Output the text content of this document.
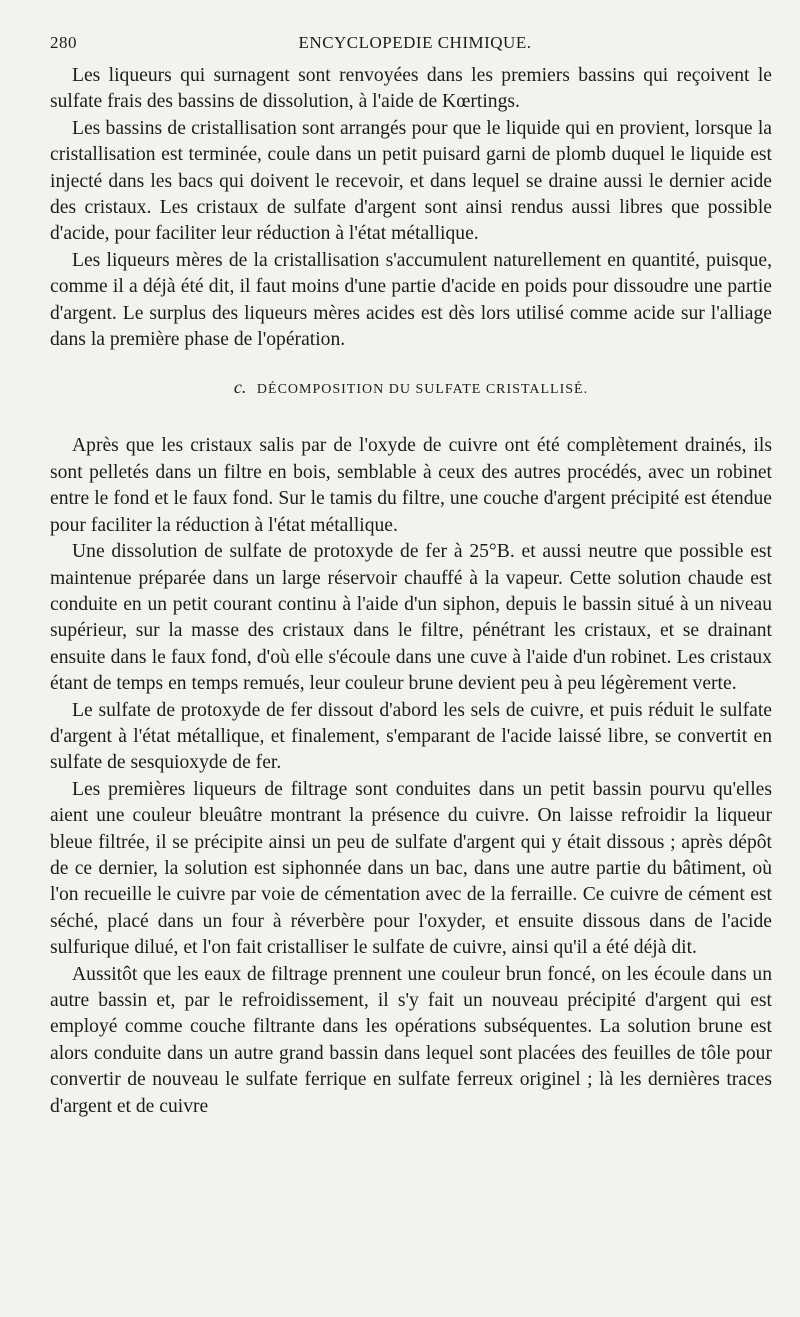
280	ENCYCLOPEDIE CHIMIQUE.

Les liqueurs qui surnagent sont renvoyées dans les premiers bassins qui reçoivent le sulfate frais des bassins de dissolution, à l'aide de Kœrtings.

Les bassins de cristallisation sont arrangés pour que le liquide qui en provient, lorsque la cristallisation est terminée, coule dans un petit puisard garni de plomb duquel le liquide est injecté dans les bacs qui doivent le recevoir, et dans lequel se draine aussi le dernier acide des cristaux. Les cristaux de sulfate d'argent sont ainsi rendus aussi libres que possible d'acide, pour faciliter leur réduction à l'état métallique.

Les liqueurs mères de la cristallisation s'accumulent naturellement en quantité, puisque, comme il a déjà été dit, il faut moins d'une partie d'acide en poids pour dissoudre une partie d'argent. Le surplus des liqueurs mères acides est dès lors utilisé comme acide sur l'alliage dans la première phase de l'opération.

c. DÉCOMPOSITION DU SULFATE CRISTALLISÉ.

Après que les cristaux salis par de l'oxyde de cuivre ont été complètement drainés, ils sont pelletés dans un filtre en bois, semblable à ceux des autres procédés, avec un robinet entre le fond et le faux fond. Sur le tamis du filtre, une couche d'argent précipité est étendue pour faciliter la réduction à l'état métallique.

Une dissolution de sulfate de protoxyde de fer à 25°B. et aussi neutre que possible est maintenue préparée dans un large réservoir chauffé à la vapeur. Cette solution chaude est conduite en un petit courant continu à l'aide d'un siphon, depuis le bassin situé à un niveau supérieur, sur la masse des cristaux dans le filtre, pénétrant les cristaux, et se drainant ensuite dans le faux fond, d'où elle s'écoule dans une cuve à l'aide d'un robinet. Les cristaux étant de temps en temps remués, leur couleur brune devient peu à peu légèrement verte.

Le sulfate de protoxyde de fer dissout d'abord les sels de cuivre, et puis réduit le sulfate d'argent à l'état métallique, et finalement, s'emparant de l'acide laissé libre, se convertit en sulfate de sesquioxyde de fer.

Les premières liqueurs de filtrage sont conduites dans un petit bassin pourvu qu'elles aient une couleur bleuâtre montrant la présence du cuivre. On laisse refroidir la liqueur bleue filtrée, il se précipite ainsi un peu de sulfate d'argent qui y était dissous ; après dépôt de ce dernier, la solution est siphonnée dans un bac, dans une autre partie du bâtiment, où l'on recueille le cuivre par voie de cémentation avec de la ferraille. Ce cuivre de cément est séché, placé dans un four à réverbère pour l'oxyder, et ensuite dissous dans de l'acide sulfurique dilué, et l'on fait cristalliser le sulfate de cuivre, ainsi qu'il a été déjà dit.

Aussitôt que les eaux de filtrage prennent une couleur brun foncé, on les écoule dans un autre bassin et, par le refroidissement, il s'y fait un nouveau précipité d'argent qui est employé comme couche filtrante dans les opérations subséquentes. La solution brune est alors conduite dans un autre grand bassin dans lequel sont placées des feuilles de tôle pour convertir de nouveau le sulfate ferrique en sulfate ferreux originel ; là les dernières traces d'argent et de cuivre
